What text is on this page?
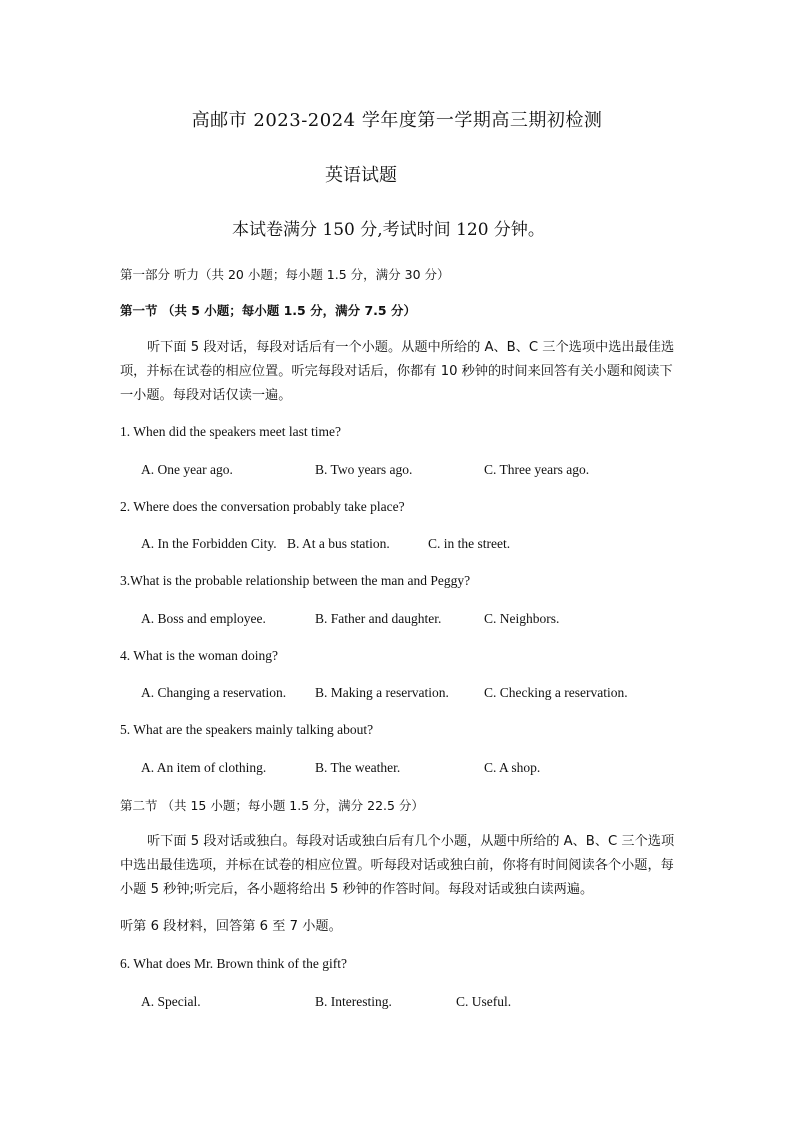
高邮市 2023-2024 学年度第一学期高三期初检测
英语试题
本试卷满分 150 分,考试时间 120 分钟。
第一部分 听力（共 20 小题；每小题 1.5 分，满分 30 分）
第一节 （共 5 小题；每小题 1.5 分，满分 7.5 分）
听下面 5 段对话，每段对话后有一个小题。从题中所给的 A、B、C 三个选项中选出最佳选项，并标在试卷的相应位置。听完每段对话后，你都有 10 秒钟的时间来回答有关小题和阅读下一小题。每段对话仅读一遍。
1. When did the speakers meet last time?
A. One year ago.	B. Two years ago.	C. Three years ago.
2. Where does the conversation probably take place?
A. In the Forbidden City. B. At a bus station.	C. in the street.
3.What is the probable relationship between the man and Peggy?
A. Boss and employee.	B. Father and daughter.	C. Neighbors.
4. What is the woman doing?
A. Changing a reservation. B. Making a reservation.	C. Checking a reservation.
5. What are the speakers mainly talking about?
A. An item of clothing.	B. The weather.	C. A shop.
第二节 （共 15 小题；每小题 1.5 分，满分 22.5 分）
听下面 5 段对话或独白。每段对话或独白后有几个小题，从题中所给的 A、B、C 三个选项中选出最佳选项，并标在试卷的相应位置。听每段对话或独白前，你将有时间阅读各个小题，每小题 5 秒钟;听完后，各小题将给出 5 秒钟的作答时间。每段对话或独白读两遍。
听第 6 段材料，回答第 6 至 7 小题。
6. What does Mr. Brown think of the gift?
A. Special.	B. Interesting.	C. Useful.
